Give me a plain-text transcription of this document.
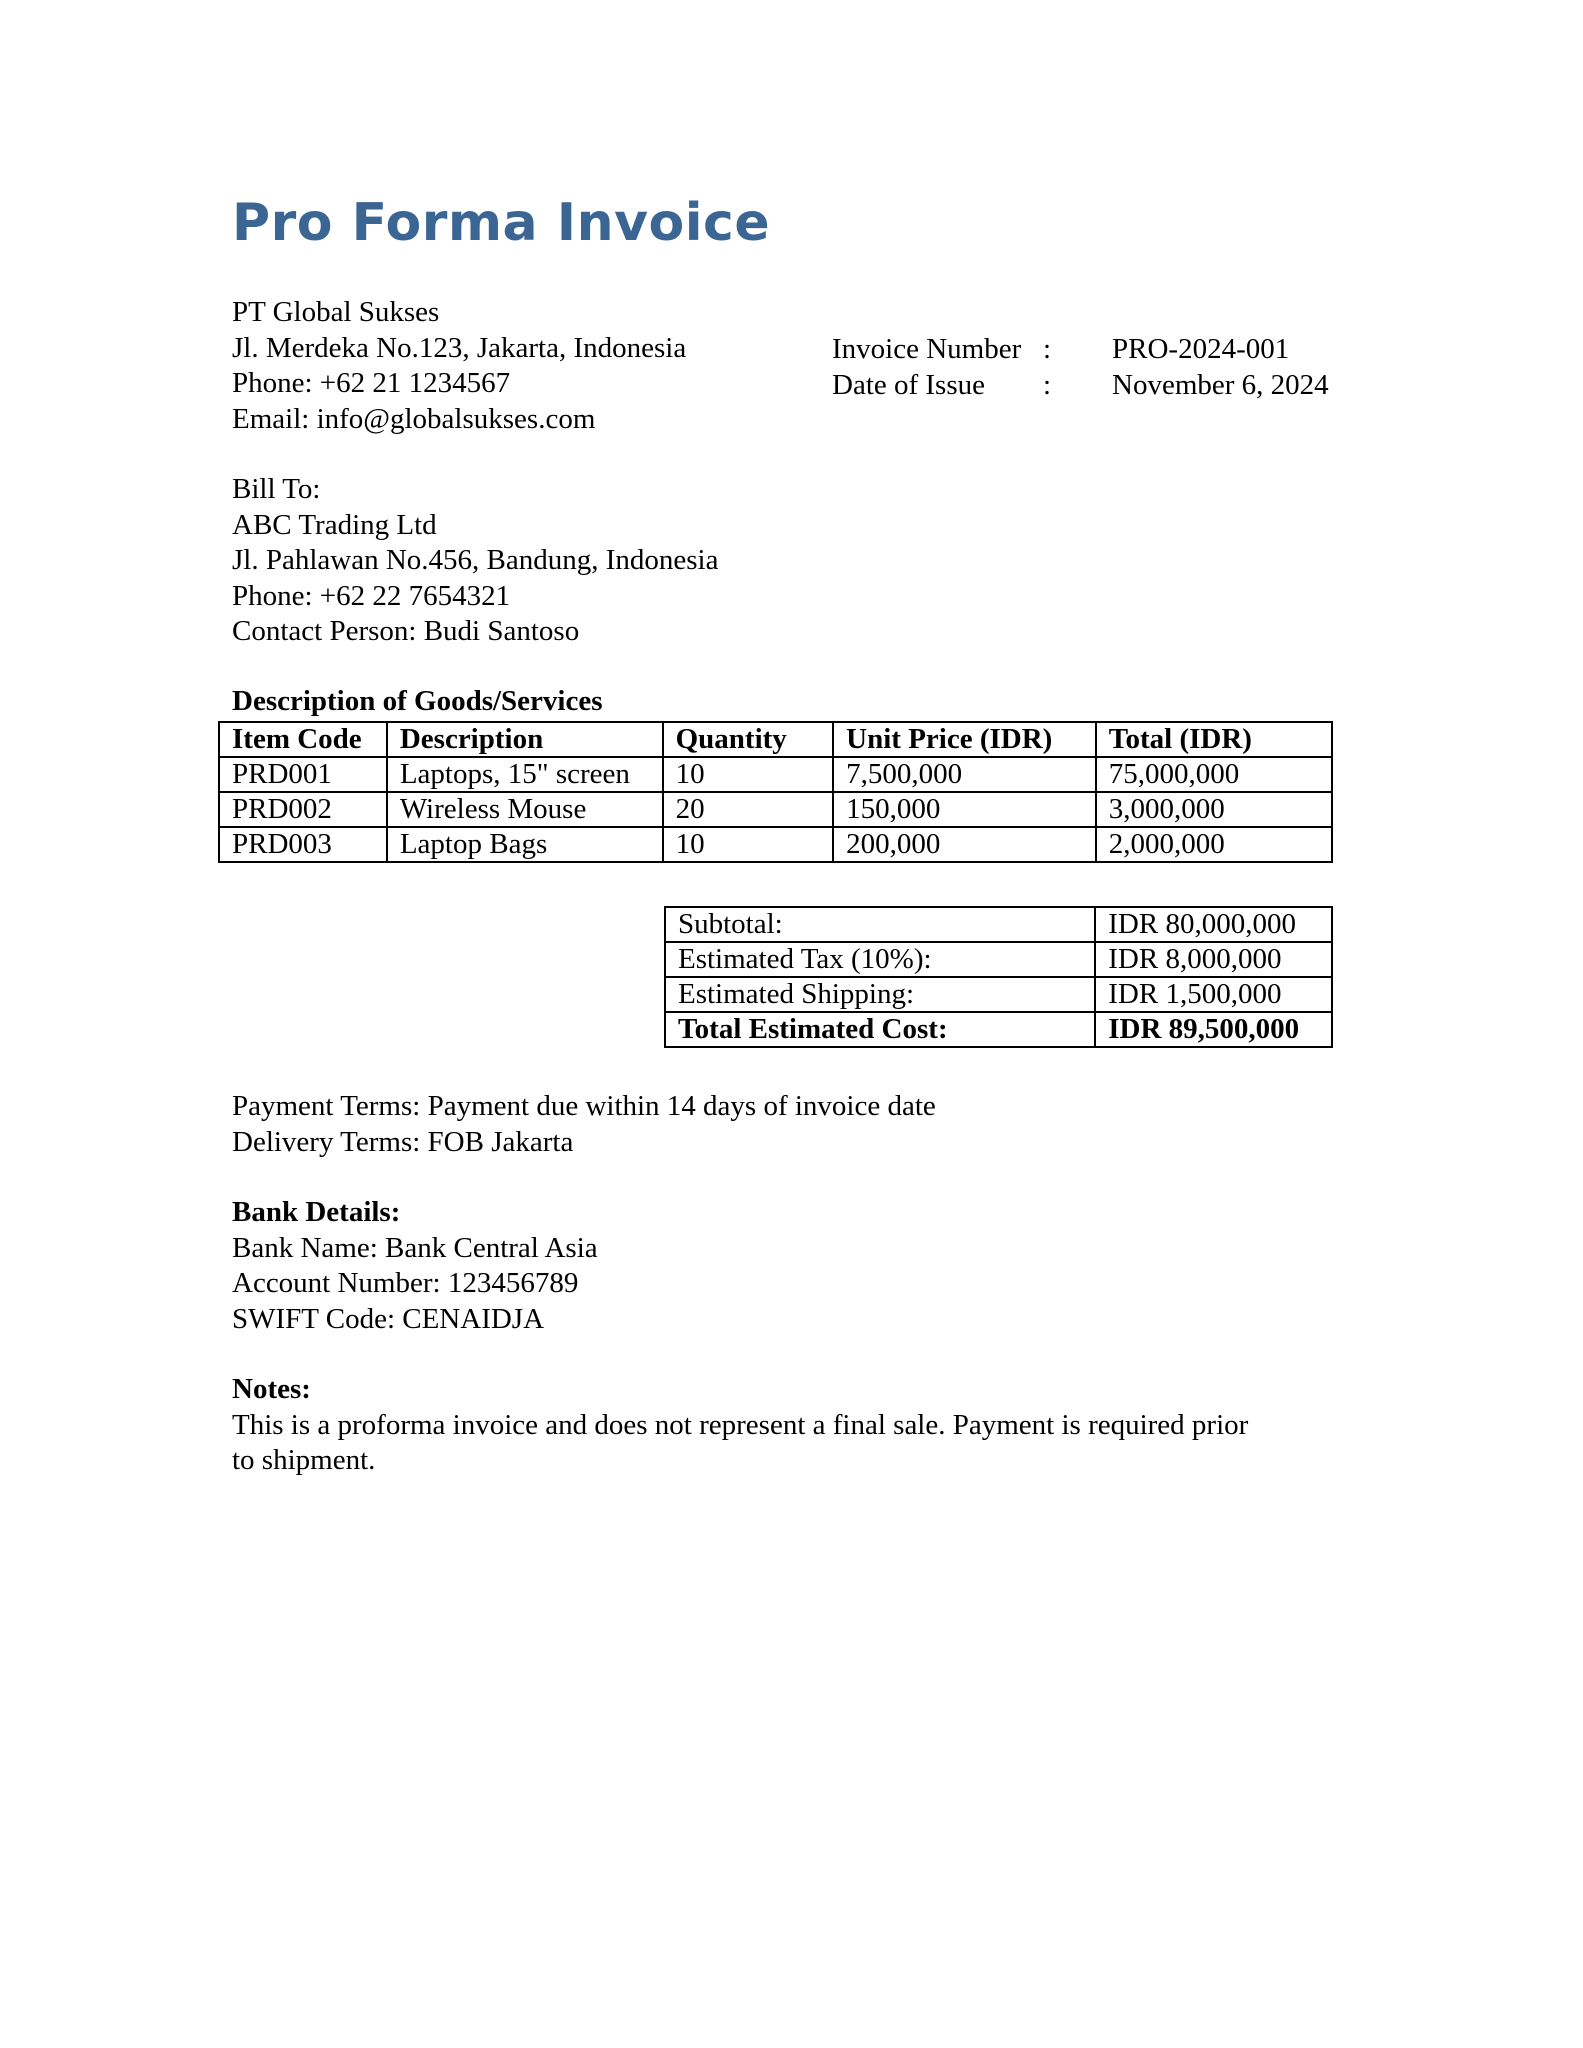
Pro Forma Invoice
PT Global Sukses
Jl. Merdeka No.123, Jakarta, Indonesia
Phone: +62 21 1234567
Email: info@globalsukses.com
Invoice Number : PRO-2024-001
Date of Issue : November 6, 2024
Bill To:
ABC Trading Ltd
Jl. Pahlawan No.456, Bandung, Indonesia
Phone: +62 22 7654321
Contact Person: Budi Santoso
Description of Goods/Services
Item Code	Description	Quantity	Unit Price (IDR)	Total (IDR)
PRD001	Laptops, 15" screen	10	7,500,000	75,000,000
PRD002	Wireless Mouse	20	150,000	3,000,000
PRD003	Laptop Bags	10	200,000	2,000,000
Subtotal:	IDR 80,000,000
Estimated Tax (10%):	IDR 8,000,000
Estimated Shipping:	IDR 1,500,000
Total Estimated Cost:	IDR 89,500,000
Payment Terms: Payment due within 14 days of invoice date
Delivery Terms: FOB Jakarta
Bank Details:
Bank Name: Bank Central Asia
Account Number: 123456789
SWIFT Code: CENAIDJA
Notes:
This is a proforma invoice and does not represent a final sale. Payment is required prior
to shipment.
